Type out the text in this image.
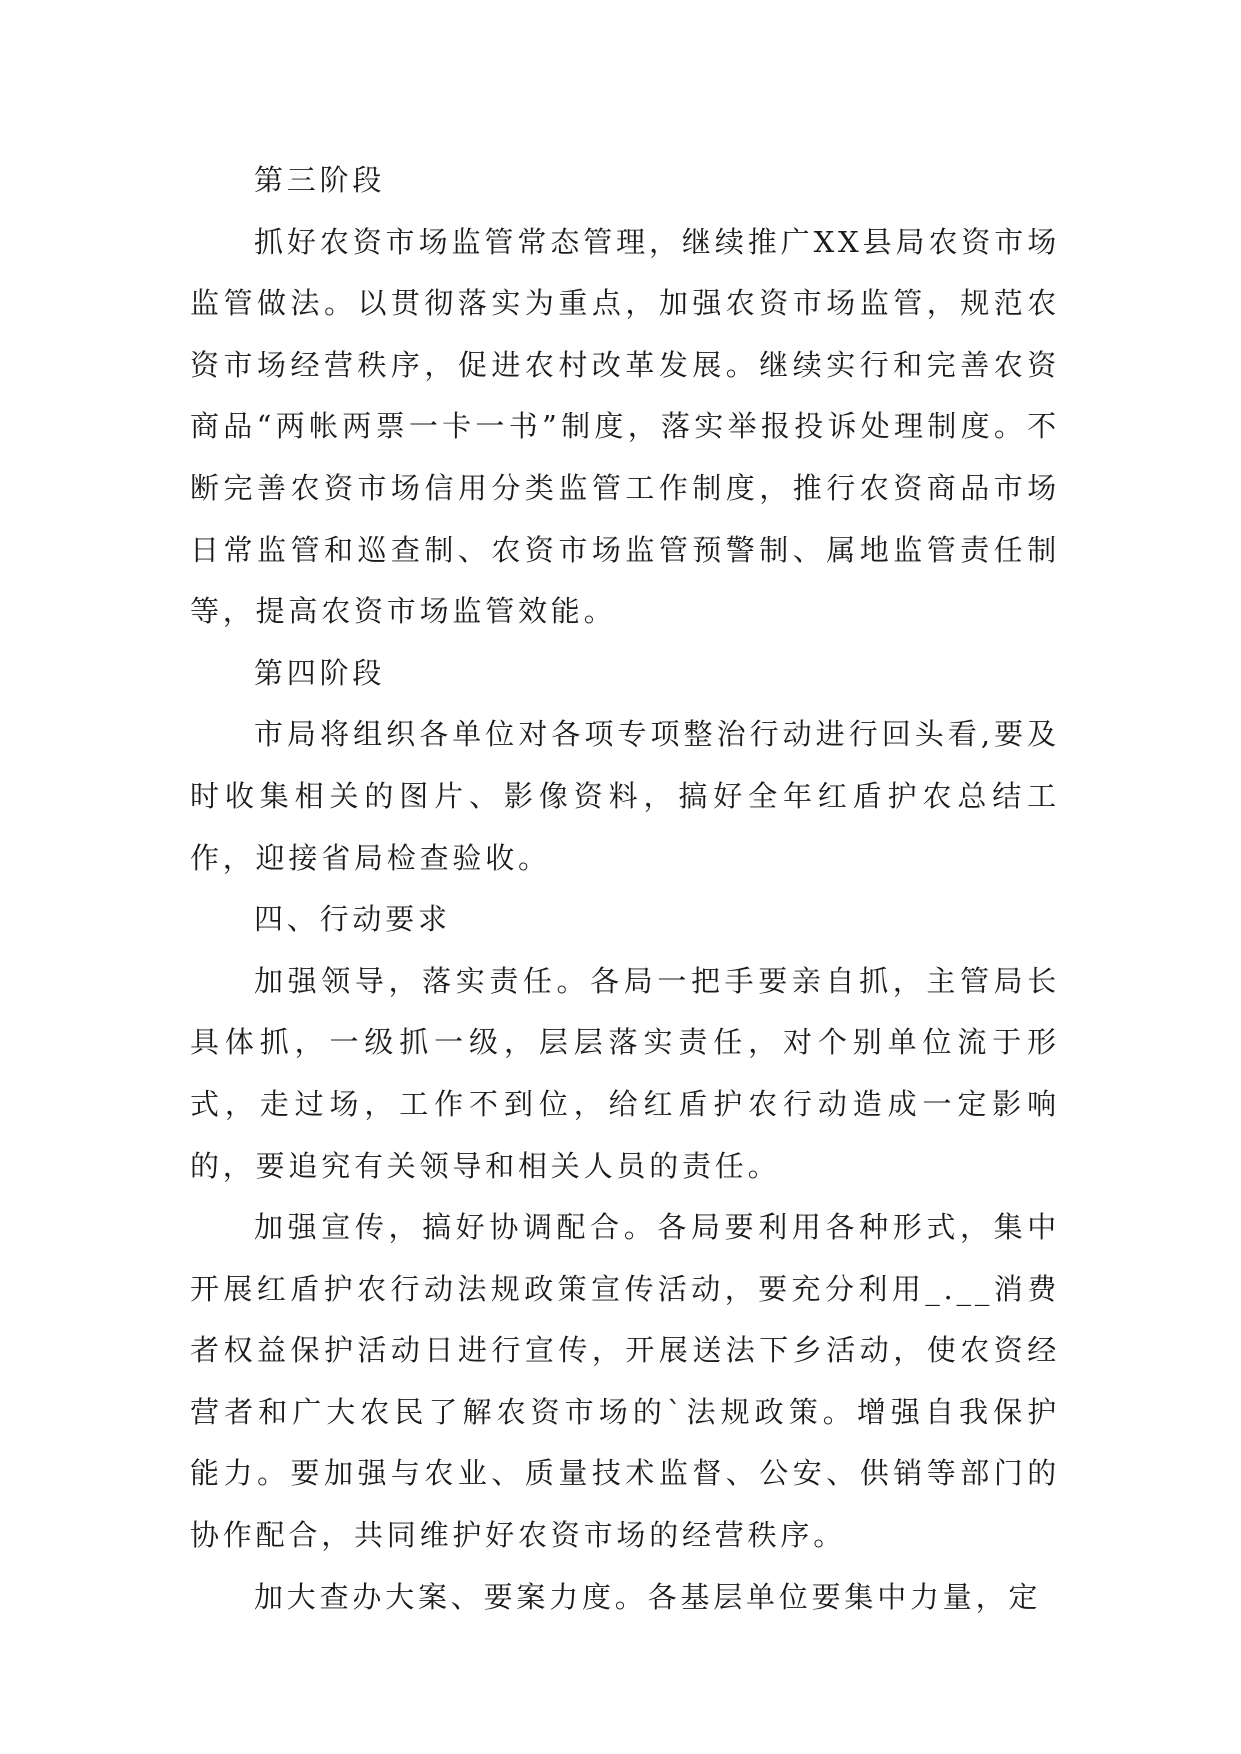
第三阶段

抓好农资市场监管常态管理，继续推广XX县局农资市场监管做法。以贯彻落实为重点，加强农资市场监管，规范农资市场经营秩序，促进农村改革发展。继续实行和完善农资商品“两帐两票一卡一书”制度，落实举报投诉处理制度。不断完善农资市场信用分类监管工作制度，推行农资商品市场日常监管和巡查制、农资市场监管预警制、属地监管责任制等，提高农资市场监管效能。

第四阶段

市局将组织各单位对各项专项整治行动进行回头看,要及时收集相关的图片、影像资料，搞好全年红盾护农总结工作，迎接省局检查验收。

四、行动要求

加强领导，落实责任。各局一把手要亲自抓，主管局长具体抓，一级抓一级，层层落实责任，对个别单位流于形式，走过场，工作不到位，给红盾护农行动造成一定影响的，要追究有关领导和相关人员的责任。

加强宣传，搞好协调配合。各局要利用各种形式，集中开展红盾护农行动法规政策宣传活动，要充分利用_.__消费者权益保护活动日进行宣传，开展送法下乡活动，使农资经营者和广大农民了解农资市场的`法规政策。增强自我保护能力。要加强与农业、质量技术监督、公安、供销等部门的协作配合，共同维护好农资市场的经营秩序。

加大查办大案、要案力度。各基层单位要集中力量，定
